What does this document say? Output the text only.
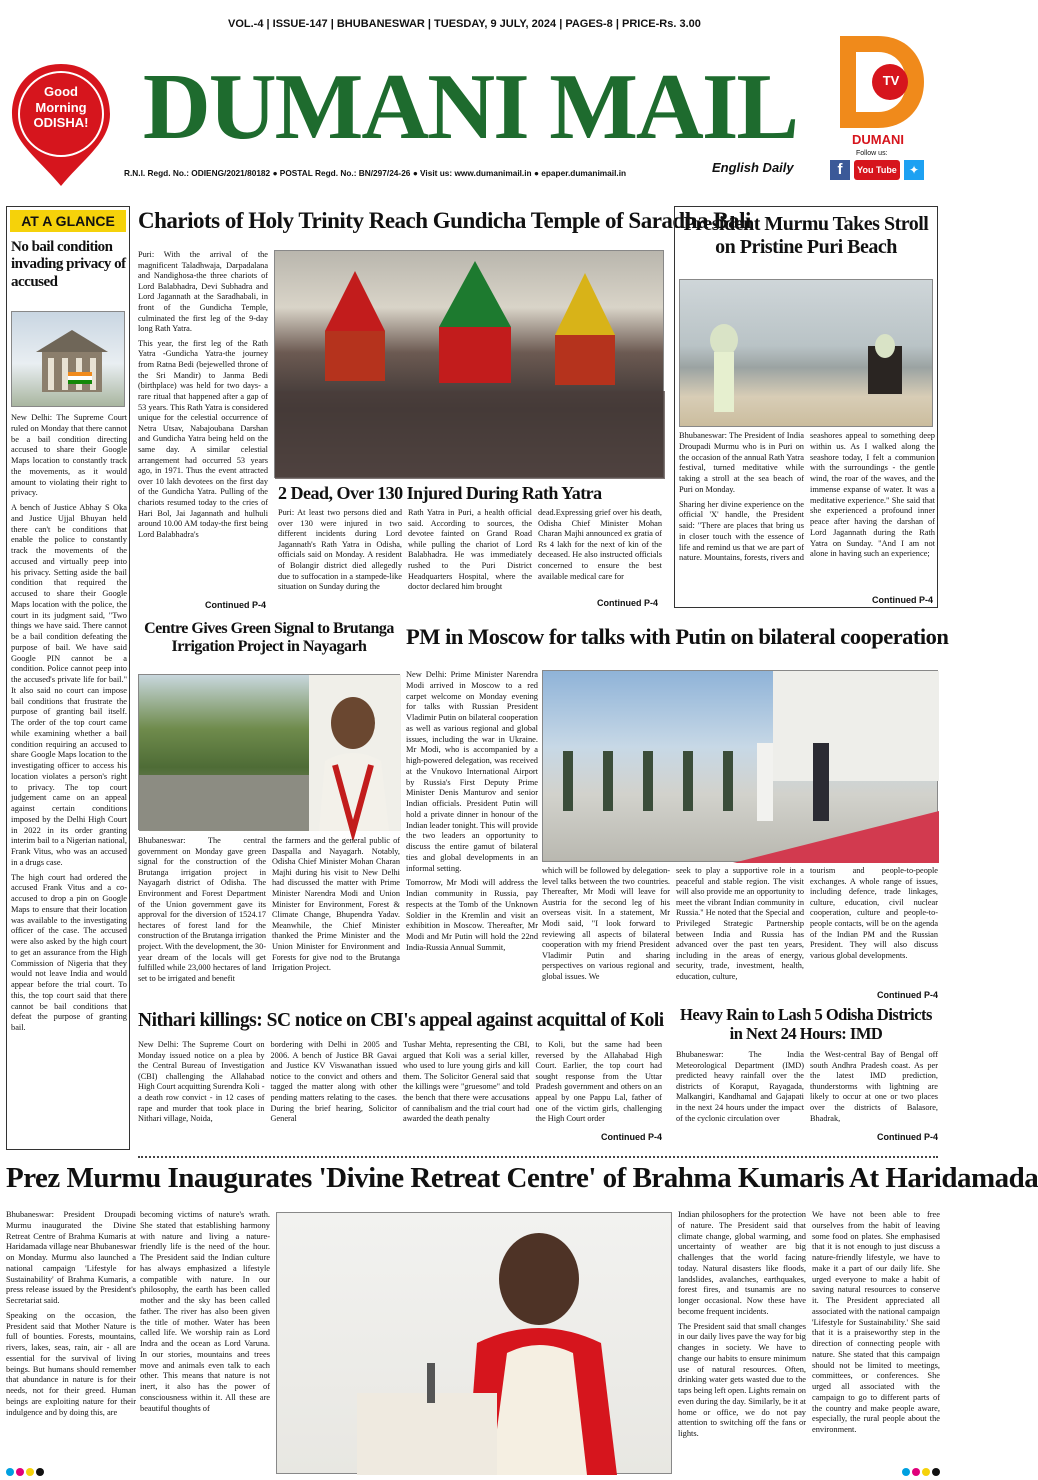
Good
Morning
ODISHA!
VOL.-4 | ISSUE-147 | BHUBANESWAR | TUESDAY, 9 JULY, 2024 | PAGES-8 | PRICE-Rs. 3.00
DUMANI MAIL
R.N.I. Regd. No.: ODIENG/2021/80182 ● POSTAL Regd. No.: BN/297/24-26 ● Visit us: www.dumanimail.in ● epaper.dumanimail.in	English Daily
TV
DUMANI
Follow us:
f	You Tube	✦
AT A GLANCE
No bail condition invading privacy of accused

New Delhi: The Supreme Court ruled on Monday that there cannot be a bail condition directing accused to share their Google Maps location to constantly track the movements, as it would amount to violating their right to privacy.

A bench of Justice Abhay S Oka and Justice Ujjal Bhuyan held there can't be conditions that enable the police to constantly track the movements of the accused and virtually peep into his privacy. Setting aside the bail condition that required the accused to share their Google Maps location with the police, the court in its judgment said, "Two things we have said. There cannot be a bail condition defeating the purpose of bail. We have said Google PIN cannot be a condition. Police cannot peep into the accused's private life for bail." It also said no court can impose bail conditions that frustrate the purpose of granting bail itself. The order of the top court came while examining whether a bail condition requiring an accused to share Google Maps location to the investigating officer to access his location violates a person's right to privacy. The top court judgement came on an appeal against certain conditions imposed by the Delhi High Court in 2022 in its order granting interim bail to a Nigerian national, Frank Vitus, who was an accused in a drugs case.

The high court had ordered the accused Frank Vitus and a co-accused to drop a pin on Google Maps to ensure that their location was available to the investigating officer of the case. The accused were also asked by the high court to get an assurance from the High Commission of Nigeria that they would not leave India and would appear before the trial court. To this, the top court said that there cannot be bail conditions that defeat the purpose of granting bail.

Chariots of Holy Trinity Reach Gundicha Temple of Saradha Bali

Puri: With the arrival of the magnificent Taladhwaja, Darpadalana and Nandighosa-the three chariots of Lord Balabhadra, Devi Subhadra and Lord Jagannath at the Saradhabali, in front of the Gundicha Temple, culminated the first leg of the 9-day long Rath Yatra.

This year, the first leg of the Rath Yatra -Gundicha Yatra-the journey from Ratna Bedi (bejewelled throne of the Sri Mandir) to Janma Bedi (birthplace) was held for two days- a rare ritual that happened after a gap of 53 years. This Rath Yatra is considered unique for the celestial occurrence of Netra Utsav, Nabajoubana Darshan and Gundicha Yatra being held on the same day. A similar celestial arrangement had occurred 53 years ago, in 1971. Thus the event attracted over 10 lakh devotees on the first day of the Gundicha Yatra. Pulling of the chariots resumed today to the cries of Hari Bol, Jai Jagannath and hulhuli around 10.00 AM today-the first being Lord Balabhadra's

Continued P-4
2 Dead, Over 130 Injured During Rath Yatra
Puri: At least two persons died and over 130 were injured in two different incidents during Lord Jagannath's Rath Yatra in Odisha, officials said on Monday. A resident of Bolangir district died allegedly due to suffocation in a stampede-like situation on Sunday during the
Rath Yatra in Puri, a health official said. According to sources, the devotee fainted on Grand Road while pulling the chariot of Lord Balabhadra. He was immediately rushed to the Puri District Headquarters Hospital, where the doctor declared him brought
dead.Expressing grief over his death, Odisha Chief Minister Mohan Charan Majhi announced ex gratia of Rs 4 lakh for the next of kin of the deceased. He also instructed officials concerned to ensure the best available medical care for
Continued P-4
President Murmu Takes Stroll on Pristine Puri Beach

Bhubaneswar: The President of India Droupadi Murmu who is in Puri on the occasion of the annual Rath Yatra festival, turned meditative while taking a stroll at the sea beach of Puri on Monday.

Sharing her divine experience on the official 'X' handle, the President said: "There are places that bring us in closer touch with the essence of life and remind us that we are part of nature. Mountains, forests, rivers and

seashores appeal to something deep within us. As I walked along the seashore today, I felt a communion with the surroundings - the gentle wind, the roar of the waves, and the immense expanse of water. It was a meditative experience." She said that she experienced a profound inner peace after having the darshan of Lord Jagannath during the Rath Yatra on Sunday. "And I am not alone in having such an experience;
Continued P-4
Centre Gives Green Signal to Brutanga Irrigation Project in Nayagarh
Bhubaneswar: The central government on Monday gave green signal for the construction of the Brutanga irrigation project in Nayagarh district of Odisha. The Environment and Forest Department of the Union government gave its approval for the diversion of 1524.17 hectares of forest land for the construction of the Brutanga irrigation project. With the development, the 30-year dream of the locals will get fulfilled while 23,000 hectares of land set to be irrigated and benefit
the farmers and the general public of Daspalla and Nayagarh. Notably, Odisha Chief Minister Mohan Charan Majhi during his visit to New Delhi had discussed the matter with Prime Minister Narendra Modi and Union Minister for Environment, Forest & Climate Change, Bhupendra Yadav. Meanwhile, the Chief Minister thanked the Prime Minister and the Union Minister for Environment and Forests for give nod to the Brutanga Irrigation Project.
PM in Moscow for talks with Putin on bilateral cooperation

New Delhi: Prime Minister Narendra Modi arrived in Moscow to a red carpet welcome on Monday evening for talks with Russian President Vladimir Putin on bilateral cooperation as well as various regional and global issues, including the war in Ukraine. Mr Modi, who is accompanied by a high-powered delegation, was received at the Vnukovo International Airport by Russia's First Deputy Prime Minister Denis Manturov and senior Indian officials. President Putin will hold a private dinner in honour of the Indian leader tonight. This will provide the two leaders an opportunity to discuss the entire gamut of bilateral ties and global developments in an informal setting.

Tomorrow, Mr Modi will address the Indian community in Russia, pay respects at the Tomb of the Unknown Soldier in the Kremlin and visit an exhibition in Moscow. Thereafter, Mr Modi and Mr Putin will hold the 22nd India-Russia Annual Summit,

which will be followed by delegation-level talks between the two countries. Thereafter, Mr Modi will leave for Austria for the second leg of his overseas visit. In a statement, Mr Modi said, "I look forward to reviewing all aspects of bilateral cooperation with my friend President Vladimir Putin and sharing perspectives on various regional and global issues. We
seek to play a supportive role in a peaceful and stable region. The visit will also provide me an opportunity to meet the vibrant Indian community in Russia." He noted that the Special and Privileged Strategic Partnership between India and Russia has advanced over the past ten years, including in the areas of energy, security, trade, investment, health, education, culture,
tourism and people-to-people exchanges. A whole range of issues, including defence, trade linkages, culture, education, civil nuclear cooperation, culture and people-to-people contacts, will be on the agenda of the Indian PM and the Russian President. They will also discuss various global developments.
Continued P-4
Nithari killings: SC notice on CBI's appeal against acquittal of Koli
New Delhi: The Supreme Court on Monday issued notice on a plea by the Central Bureau of Investigation (CBI) challenging the Allahabad High Court acquitting Surendra Koli - a death row convict - in 12 cases of rape and murder that took place in Nithari village, Noida,
bordering with Delhi in 2005 and 2006. A bench of Justice BR Gavai and Justice KV Viswanathan issued notice to the convict and others and tagged the matter along with other pending matters relating to the cases. During the brief hearing, Solicitor General
Tushar Mehta, representing the CBI, argued that Koli was a serial killer, who used to lure young girls and kill them. The Solicitor General said that the killings were "gruesome" and told the bench that there were accusations of cannibalism and the trial court had awarded the death penalty
to Koli, but the same had been reversed by the Allahabad High Court. Earlier, the top court had sought response from the Uttar Pradesh government and others on an appeal by one Pappu Lal, father of one of the victim girls, challenging the High Court order
Continued P-4
Heavy Rain to Lash 5 Odisha Districts in Next 24 Hours: IMD
Bhubaneswar: The India Meteorological Department (IMD) predicted heavy rainfall over the districts of Koraput, Rayagada, Malkangiri, Kandhamal and Gajapati in the next 24 hours under the impact of the cyclonic circulation over
the West-central Bay of Bengal off south Andhra Pradesh coast. As per the latest IMD prediction, thunderstorms with lightning are likely to occur at one or two places over the districts of Balasore, Bhadrak,
Continued P-4
Prez Murmu Inaugurates 'Divine Retreat Centre' of Brahma Kumaris At Haridamada

Bhubaneswar: President Droupadi Murmu inaugurated the Divine Retreat Centre of Brahma Kumaris at Haridamada village near Bhubaneswar on Monday. Murmu also launched a national campaign 'Lifestyle for Sustainability' of Brahma Kumaris, a press release issued by the President's Secretariat said.

Speaking on the occasion, the President said that Mother Nature is full of bounties. Forests, mountains, rivers, lakes, seas, rain, air - all are essential for the survival of living beings. But humans should remember that abundance in nature is for their needs, not for their greed. Human beings are exploiting nature for their indulgence and by doing this, are

becoming victims of nature's wrath. She stated that establishing harmony with nature and living a nature-friendly life is the need of the hour. The President said the Indian culture has always emphasized a lifestyle compatible with nature. In our philosophy, the earth has been called mother and the sky has been called father. The river has also been given the title of mother. Water has been called life. We worship rain as Lord Indra and the ocean as Lord Varuna. In our stories, mountains and trees move and animals even talk to each other. This means that nature is not inert, it also has the power of consciousness within it. All these are beautiful thoughts of

Indian philosophers for the protection of nature. The President said that climate change, global warming, and uncertainty of weather are big challenges that the world facing today. Natural disasters like floods, landslides, avalanches, earthquakes, forest fires, and tsunamis are no longer occasional. Now these have become frequent incidents.

The President said that small changes in our daily lives pave the way for big changes in society. We have to change our habits to ensure minimum use of natural resources. Often, drinking water gets wasted due to the taps being left open. Lights remain on even during the day. Similarly, be it at home or office, we do not pay attention to switching off the fans or lights.

We have not been able to free ourselves from the habit of leaving some food on plates. She emphasised that it is not enough to just discuss a nature-friendly lifestyle, we have to make it a part of our daily life. She urged everyone to make a habit of saving natural resources to conserve it. The President appreciated all associated with the national campaign 'Lifestyle for Sustainability.' She said that it is a praiseworthy step in the direction of connecting people with nature. She stated that this campaign should not be limited to meetings, committees, or conferences. She urged all associated with the campaign to go to different parts of the country and make people aware, especially, the rural people about the environment.
